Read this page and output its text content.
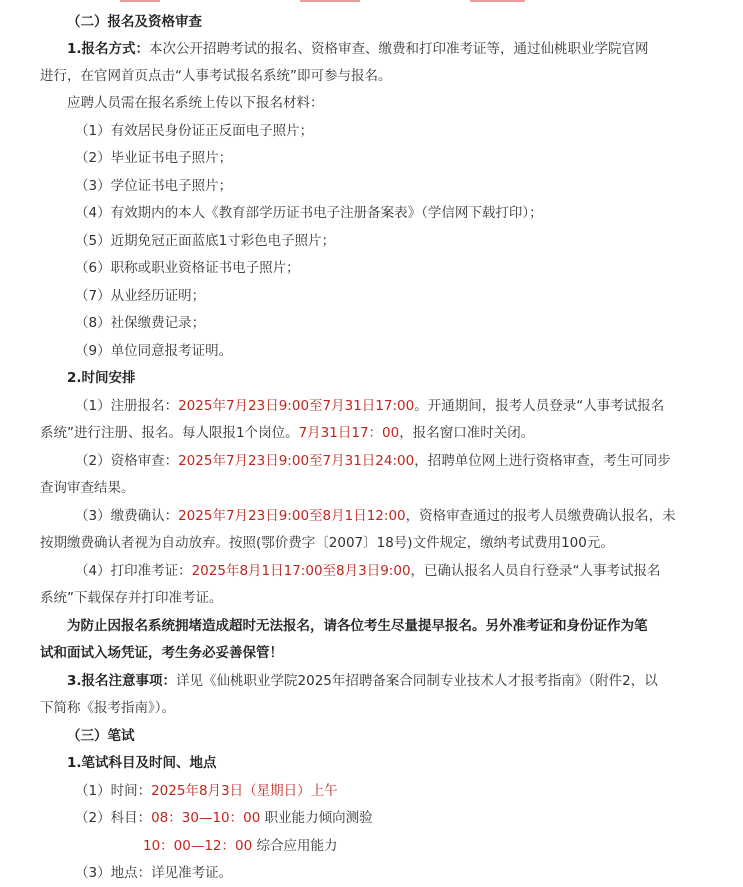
（二）报名及资格审查
1.报名方式：本次公开招聘考试的报名、资格审查、缴费和打印准考证等，通过仙桃职业学院官网
进行，在官网首页点击“人事考试报名系统”即可参与报名。
应聘人员需在报名系统上传以下报名材料：
（1）有效居民身份证正反面电子照片；
（2）毕业证书电子照片；
（3）学位证书电子照片；
（4）有效期内的本人《教育部学历证书电子注册备案表》（学信网下载打印）；
（5）近期免冠正面蓝底1寸彩色电子照片；
（6）职称或职业资格证书电子照片；
（7）从业经历证明；
（8）社保缴费记录；
（9）单位同意报考证明。
2.时间安排
（1）注册报名：2025年7月23日9:00至7月31日17:00。开通期间，报考人员登录“人事考试报名
系统”进行注册、报名。每人限报1个岗位。7月31日17：00，报名窗口准时关闭。
（2）资格审查：2025年7月23日9:00至7月31日24:00，招聘单位网上进行资格审查，考生可同步
查询审查结果。
（3）缴费确认：2025年7月23日9:00至8月1日12:00，资格审查通过的报考人员缴费确认报名，未
按期缴费确认者视为自动放弃。按照(鄂价费字〔2007〕18号)文件规定，缴纳考试费用100元。
（4）打印准考证：2025年8月1日17:00至8月3日9:00，已确认报名人员自行登录“人事考试报名
系统”下载保存并打印准考证。
为防止因报名系统拥堵造成超时无法报名，请各位考生尽量提早报名。另外准考证和身份证作为笔
试和面试入场凭证，考生务必妥善保管！
3.报名注意事项：详见《仙桃职业学院2025年招聘备案合同制专业技术人才报考指南》（附件2，以
下简称《报考指南》）。
（三）笔试
1.笔试科目及时间、地点
（1）时间：2025年8月3日（星期日）上午
（2）科目：08：30—10：00 职业能力倾向测验
10：00—12：00 综合应用能力
（3）地点：详见准考证。
